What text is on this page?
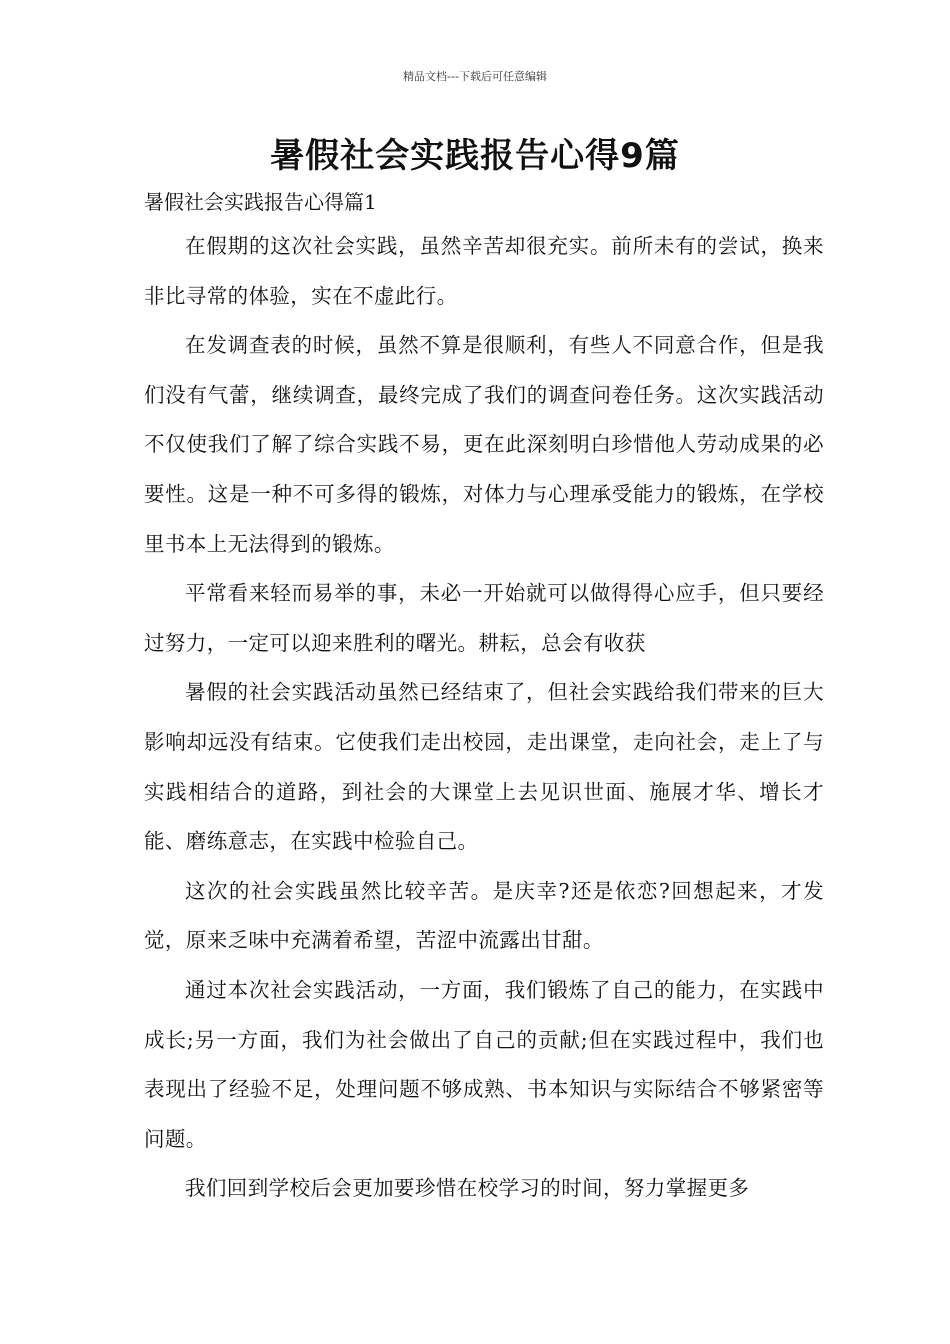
精品文档---下载后可任意编辑
暑假社会实践报告心得9篇

暑假社会实践报告心得篇1

在假期的这次社会实践，虽然辛苦却很充实。前所未有的尝试，换来非比寻常的体验，实在不虚此行。

在发调查表的时候，虽然不算是很顺利，有些人不同意合作，但是我们没有气蕾，继续调查，最终完成了我们的调查问卷任务。这次实践活动不仅使我们了解了综合实践不易，更在此深刻明白珍惜他人劳动成果的必要性。这是一种不可多得的锻炼，对体力与心理承受能力的锻炼，在学校里书本上无法得到的锻炼。

平常看来轻而易举的事，未必一开始就可以做得得心应手，但只要经过努力，一定可以迎来胜利的曙光。耕耘，总会有收获

暑假的社会实践活动虽然已经结束了，但社会实践给我们带来的巨大影响却远没有结束。它使我们走出校园，走出课堂，走向社会，走上了与实践相结合的道路，到社会的大课堂上去见识世面、施展才华、增长才能、磨练意志，在实践中检验自己。

这次的社会实践虽然比较辛苦。是庆幸?还是依恋?回想起来，才发觉，原来乏味中充满着希望，苦涩中流露出甘甜。

通过本次社会实践活动，一方面，我们锻炼了自己的能力，在实践中成长;另一方面，我们为社会做出了自己的贡献;但在实践过程中，我们也表现出了经验不足，处理问题不够成熟、书本知识与实际结合不够紧密等问题。

我们回到学校后会更加要珍惜在校学习的时间，努力掌握更多
